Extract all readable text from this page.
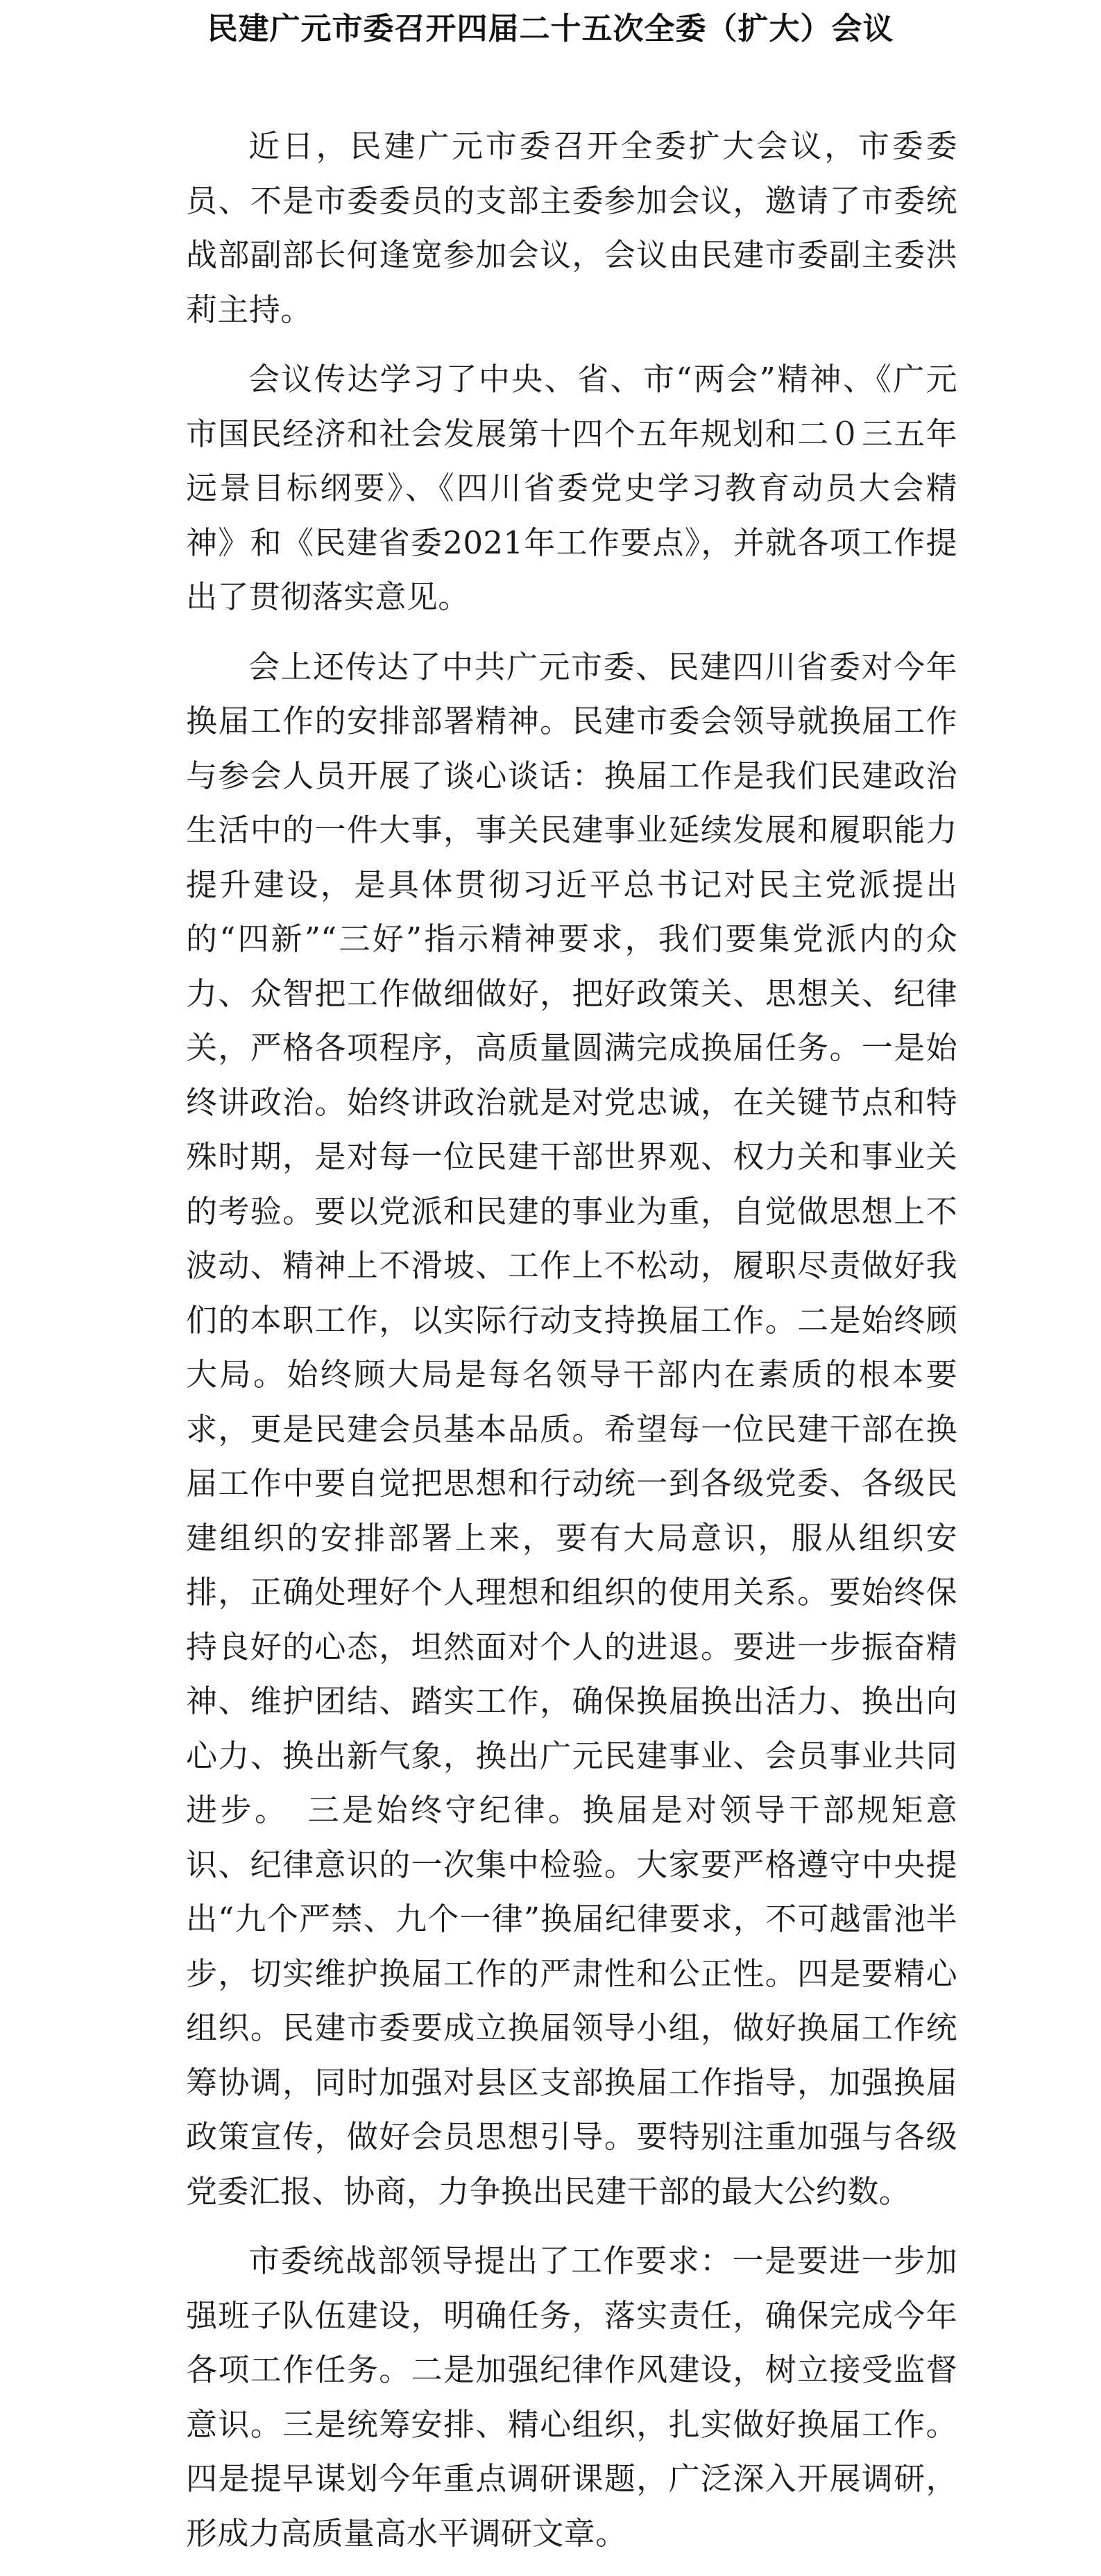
民建广元市委召开四届二十五次全委（扩大）会议

近日，民建广元市委召开全委扩大会议，市委委员、不是市委委员的支部主委参加会议，邀请了市委统战部副部长何逢宽参加会议，会议由民建市委副主委洪莉主持。

会议传达学习了中央、省、市“两会”精神、《广元市国民经济和社会发展第十四个五年规划和二０三五年远景目标纲要》、《四川省委党史学习教育动员大会精神》和《民建省委2021年工作要点》，并就各项工作提出了贯彻落实意见。

会上还传达了中共广元市委、民建四川省委对今年换届工作的安排部署精神。民建市委会领导就换届工作与参会人员开展了谈心谈话：换届工作是我们民建政治生活中的一件大事，事关民建事业延续发展和履职能力提升建设，是具体贯彻习近平总书记对民主党派提出的“四新”“三好”指示精神要求，我们要集党派内的众力、众智把工作做细做好，把好政策关、思想关、纪律关，严格各项程序，高质量圆满完成换届任务。一是始终讲政治。始终讲政治就是对党忠诚，在关键节点和特殊时期，是对每一位民建干部世界观、权力关和事业关的考验。要以党派和民建的事业为重，自觉做思想上不波动、精神上不滑坡、工作上不松动，履职尽责做好我们的本职工作，以实际行动支持换届工作。二是始终顾大局。始终顾大局是每名领导干部内在素质的根本要求，更是民建会员基本品质。希望每一位民建干部在换届工作中要自觉把思想和行动统一到各级党委、各级民建组织的安排部署上来，要有大局意识，服从组织安排，正确处理好个人理想和组织的使用关系。要始终保持良好的心态，坦然面对个人的进退。要进一步振奋精神、维护团结、踏实工作，确保换届换出活力、换出向心力、换出新气象，换出广元民建事业、会员事业共同进步。　三是始终守纪律。换届是对领导干部规矩意识、纪律意识的一次集中检验。大家要严格遵守中央提出“九个严禁、九个一律”换届纪律要求，不可越雷池半步，切实维护换届工作的严肃性和公正性。四是要精心组织。民建市委要成立换届领导小组，做好换届工作统筹协调，同时加强对县区支部换届工作指导，加强换届政策宣传，做好会员思想引导。要特别注重加强与各级党委汇报、协商，力争换出民建干部的最大公约数。

市委统战部领导提出了工作要求：一是要进一步加强班子队伍建设，明确任务，落实责任，确保完成今年各项工作任务。二是加强纪律作风建设，树立接受监督意识。三是统筹安排、精心组织，扎实做好换届工作。四是提早谋划今年重点调研课题，广泛深入开展调研，形成力高质量高水平调研文章。
